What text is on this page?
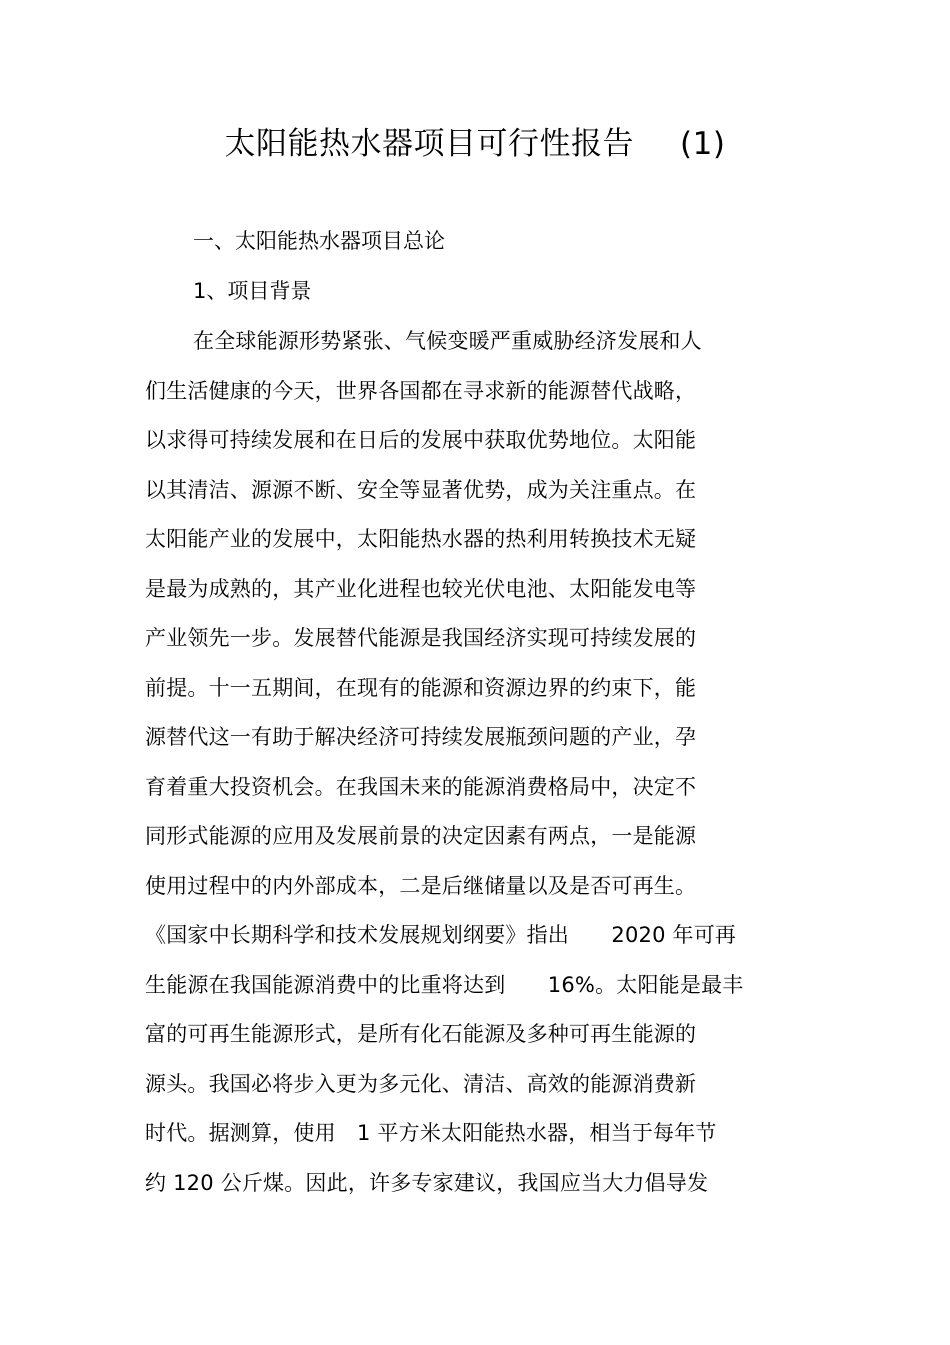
太阳能热水器项目可行性报告 (1)
一、太阳能热水器项目总论
1、项目背景
在全球能源形势紧张、气候变暖严重威胁经济发展和人
们生活健康的今天，世界各国都在寻求新的能源替代战略，
以求得可持续发展和在日后的发展中获取优势地位。太阳能
以其清洁、源源不断、安全等显著优势，成为关注重点。在
太阳能产业的发展中，太阳能热水器的热利用转换技术无疑
是最为成熟的，其产业化进程也较光伏电池、太阳能发电等
产业领先一步。发展替代能源是我国经济实现可持续发展的
前提。十一五期间，在现有的能源和资源边界的约束下，能
源替代这一有助于解决经济可持续发展瓶颈问题的产业，孕
育着重大投资机会。在我国未来的能源消费格局中，决定不
同形式能源的应用及发展前景的决定因素有两点，一是能源
使用过程中的内外部成本，二是后继储量以及是否可再生。
《国家中长期科学和技术发展规划纲要》指出　　2020 年可再
生能源在我国能源消费中的比重将达到　　16%。太阳能是最丰
富的可再生能源形式，是所有化石能源及多种可再生能源的
源头。我国必将步入更为多元化、清洁、高效的能源消费新
时代。据测算，使用　1 平方米太阳能热水器，相当于每年节
约 120 公斤煤。因此，许多专家建议，我国应当大力倡导发
